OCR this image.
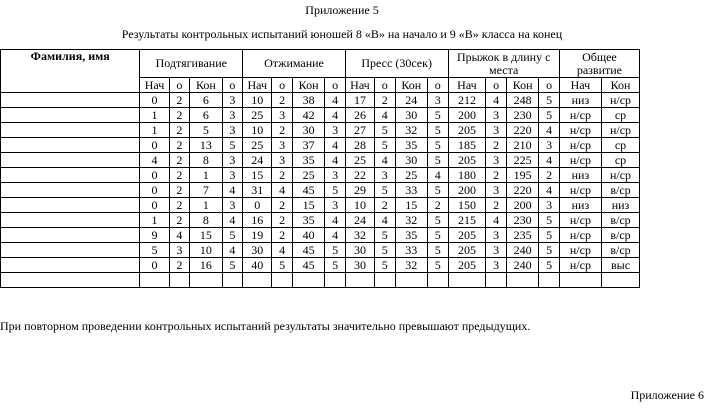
Приложение 5
Результаты контрольных испытаний юношей 8 «В» на начало и 9 «В» класса на конец
Фамилия, имя	Подтягивание				Отжимание				Пресс (30сек)				Прыжок в длину с места				Общее развитие	
	Нач	о	Кон	о	Нач	о	Кон	о	Нач	о	Кон	о	Нач	о	Кон	о	Нач	Кон
	0	2	6	3	10	2	38	4	17	2	24	3	212	4	248	5	низ	н/ср
	1	2	6	3	25	3	42	4	26	4	30	5	200	3	230	5	н/ср	ср
	1	2	5	3	10	2	30	3	27	5	32	5	205	3	220	4	н/ср	н/ср
	0	2	13	5	25	3	37	4	28	5	35	5	185	2	210	3	н/ср	ср
	4	2	8	3	24	3	35	4	25	4	30	5	205	3	225	4	н/ср	ср
	0	2	1	3	15	2	25	3	22	3	25	4	180	2	195	2	низ	н/ср
	0	2	7	4	31	4	45	5	29	5	33	5	200	3	220	4	н/ср	в/ср
	0	2	1	3	0	2	15	3	10	2	15	2	150	2	200	3	низ	низ
	1	2	8	4	16	2	35	4	24	4	32	5	215	4	230	5	н/ср	в/ср
	9	4	15	5	19	2	40	4	32	5	35	5	205	3	235	5	н/ср	в/ср
	5	3	10	4	30	4	45	5	30	5	33	5	205	3	240	5	н/ср	в/ср
	0	2	16	5	40	5	45	5	30	5	32	5	205	3	240	5	н/ср	выс

При повторном проведении контрольных испытаний результаты значительно превышают предыдущих.
Приложение 6
